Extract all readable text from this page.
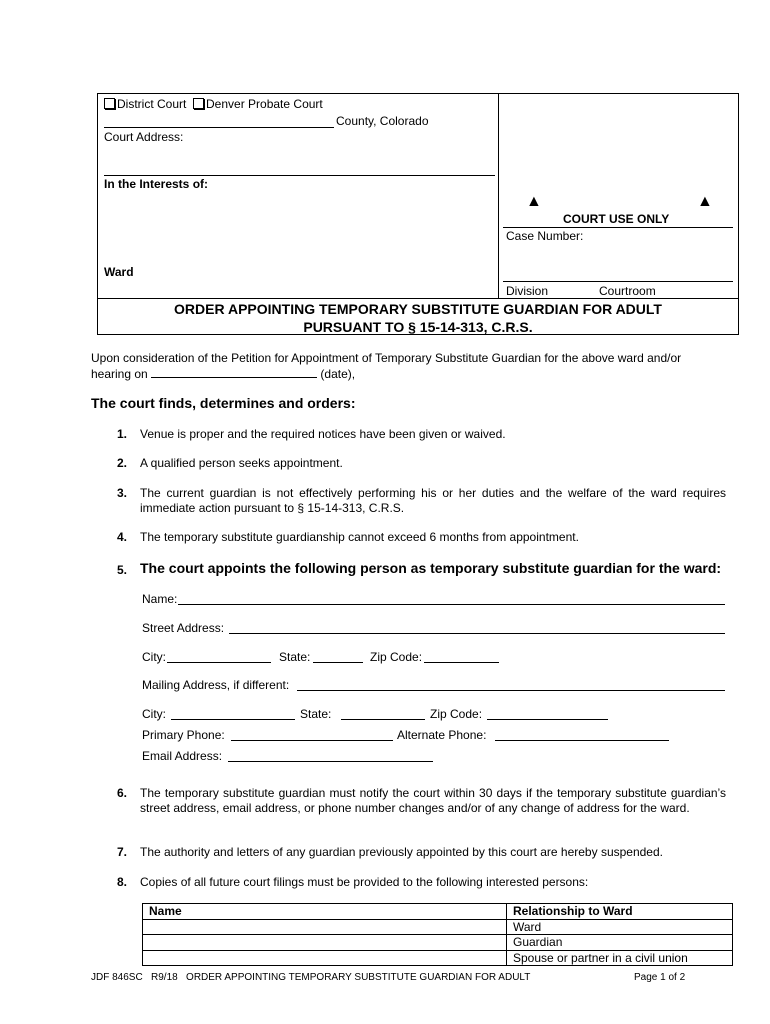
District Court Denver Probate Court
County, Colorado
Court Address:
In the Interests of:
Ward
▲	▲
COURT USE ONLY
Case Number:
Division	Courtroom
ORDER APPOINTING TEMPORARY SUBSTITUTE GUARDIAN FOR ADULT
PURSUANT TO § 15-14-313, C.R.S.
Upon consideration of the Petition for Appointment of Temporary Substitute Guardian for the above ward and/or
hearing on	(date),
The court finds, determines and orders:
1. Venue is proper and the required notices have been given or waived.
2. A qualified person seeks appointment.
3. The current guardian is not effectively performing his or her duties and the welfare of the ward requires immediate action pursuant to § 15-14-313, C.R.S.
4. The temporary substitute guardianship cannot exceed 6 months from appointment.
5. The court appoints the following person as temporary substitute guardian for the ward:
Name:
Street Address:
City:	State:	Zip Code:
Mailing Address, if different:
City:	State:	Zip Code:
Primary Phone:	Alternate Phone:
Email Address:
6. The temporary substitute guardian must notify the court within 30 days if the temporary substitute guardian’s street address, email address, or phone number changes and/or of any change of address for the ward.
7. The authority and letters of any guardian previously appointed by this court are hereby suspended.
8. Copies of all future court filings must be provided to the following interested persons:
Name	Relationship to Ward
	Ward
	Guardian
	Spouse or partner in a civil union
JDF 846SC   R9/18   ORDER APPOINTING TEMPORARY SUBSTITUTE GUARDIAN FOR ADULT	Page 1 of 2
